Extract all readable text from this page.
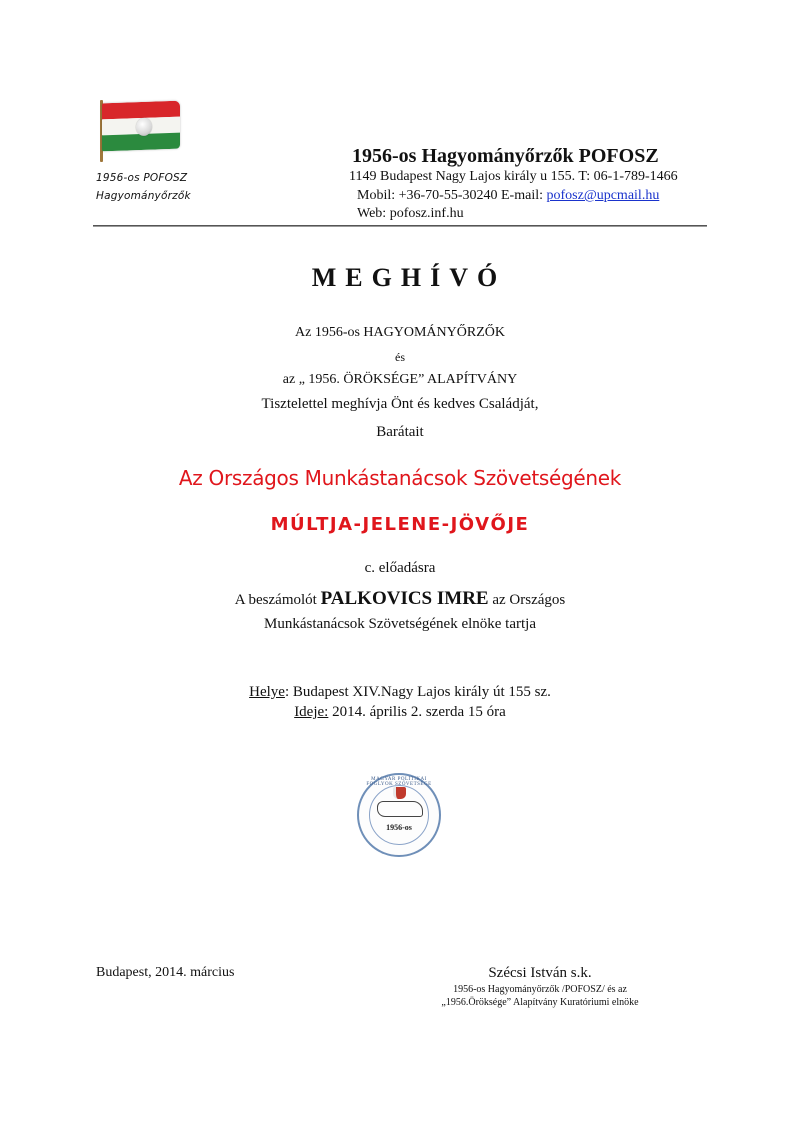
1956-os POFOSZ
Hagyományőrzők
1956-os Hagyományőrzők POFOSZ
1149 Budapest Nagy Lajos király u 155. T: 06-1-789-1466
Mobil: +36-70-55-30240 E-mail: pofosz@upcmail.hu
Web: pofosz.inf.hu
MEGHÍVÓ
Az 1956-os HAGYOMÁNYŐRZŐK
és
az „ 1956. ÖRÖKSÉGE” ALAPÍTVÁNY
Tisztelettel meghívja Önt és kedves Családját,
Barátait
Az Országos Munkástanácsok Szövetségének
MÚLTJA-JELENE-JÖVŐJE
c. előadásra
A beszámolót PALKOVICS IMRE az Országos
Munkástanácsok Szövetségének elnöke tartja
Helye: Budapest XIV.Nagy Lajos király út 155 sz.
Ideje: 2014. április 2. szerda 15 óra
MAGYAR POLITIKAI FOGLYOK SZÖVETSÉGE
1956-os
Budapest, 2014. március	Szécsi István s.k.
1956-os Hagyományőrzők /POFOSZ/ és az
„1956.Öröksége” Alapítvány Kuratóriumi elnöke
